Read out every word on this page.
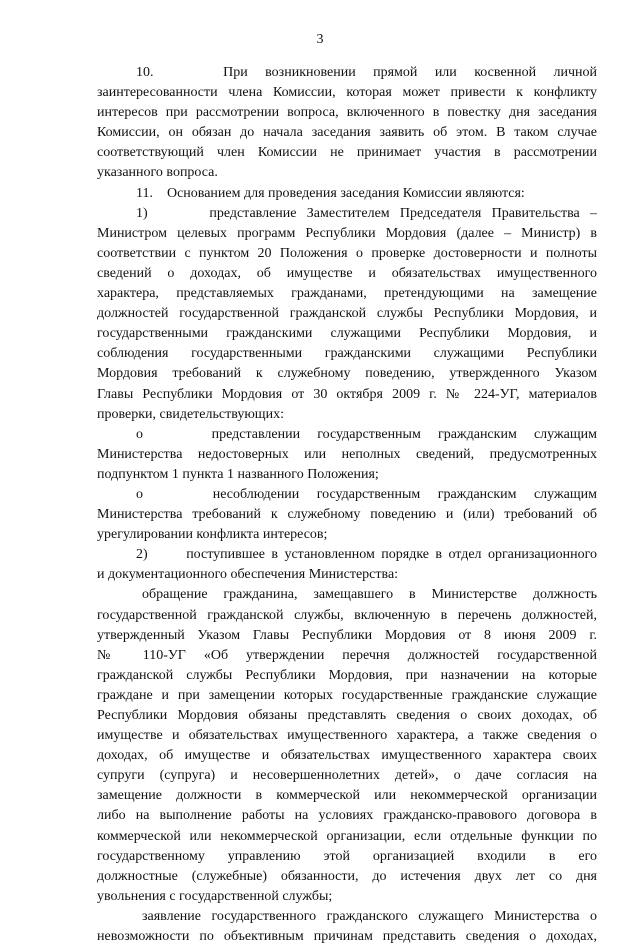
3
10.    При возникновении прямой или косвенной личной
заинтересованности члена Комиссии, которая может привести к конфликту
интересов при рассмотрении вопроса, включенного в повестку дня заседания
Комиссии, он обязан до начала заседания заявить об этом. В таком случае
соответствующий член Комиссии не принимает участия в рассмотрении
указанного вопроса.
11.    Основанием для проведения заседания Комиссии являются:
1)      представление Заместителем Председателя Правительства –
Министром целевых программ Республики Мордовия (далее – Министр) в
соответствии с пунктом 20 Положения о проверке достоверности и полноты
сведений о доходах, об имуществе и обязательствах имущественного
характера, представляемых гражданами, претендующими на замещение
должностей государственной гражданской службы Республики Мордовия, и
государственными гражданскими служащими Республики Мордовия, и
соблюдения государственными гражданскими служащими Республики
Мордовия требований к служебному поведению, утвержденного Указом
Главы Республики Мордовия от 30 октября 2009 г. № 224-УГ, материалов
проверки, свидетельствующих:
о    представлении государственным гражданским служащим
Министерства недостоверных или неполных сведений, предусмотренных
подпунктом 1 пункта 1 названного Положения;
о    несоблюдении государственным гражданским служащим
Министерства требований к служебному поведению и (или) требований об
урегулировании конфликта интересов;
2)      поступившее в установленном порядке в отдел организационного
и документационного обеспечения Министерства:
обращение гражданина, замещавшего в Министерстве должность
государственной гражданской службы, включенную в перечень должностей,
утвержденный Указом Главы Республики Мордовия от 8 июня 2009 г.
№ 110-УГ «Об утверждении перечня должностей государственной
гражданской службы Республики Мордовия, при назначении на которые
граждане и при замещении которых государственные гражданские служащие
Республики Мордовия обязаны представлять сведения о своих доходах, об
имуществе и обязательствах имущественного характера, а также сведения о
доходах, об имуществе и обязательствах имущественного характера своих
супруги (супруга) и несовершеннолетних детей», о даче согласия на
замещение должности в коммерческой или некоммерческой организации
либо на выполнение работы на условиях гражданско-правового договора в
коммерческой или некоммерческой организации, если отдельные функции по
государственному управлению этой организацией входили в его
должностные (служебные) обязанности, до истечения двух лет со дня
увольнения с государственной службы;
заявление государственного гражданского служащего Министерства о
невозможности по объективным причинам представить сведения о доходах,
